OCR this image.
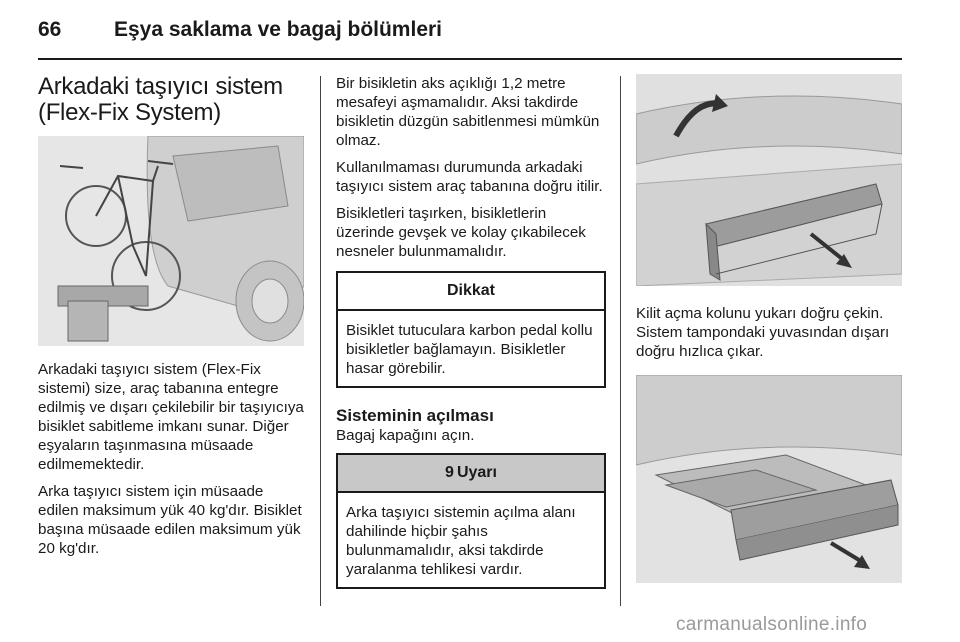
66	Eşya saklama ve bagaj bölümleri
Arkadaki taşıyıcı sistem
(Flex-Fix System)
Arkadaki taşıyıcı sistem (Flex-Fix sistemi) size, araç tabanına entegre edilmiş ve dışarı çekilebilir bir taşıyıcıya bisiklet sabitleme imkanı sunar. Diğer eşyaların taşınmasına müsaade edilmemektedir.
Arka taşıyıcı sistem için müsaade edilen maksimum yük 40 kg'dır. Bisiklet başına müsaade edilen maksimum yük 20 kg'dır.
Bir bisikletin aks açıklığı 1,2 metre mesafeyi aşmamalıdır. Aksi takdirde bisikletin düzgün sabitlenmesi mümkün olmaz.
Kullanılmaması durumunda arkadaki taşıyıcı sistem araç tabanına doğru itilir.
Bisikletleri taşırken, bisikletlerin üzerinde gevşek ve kolay çıkabilecek nesneler bulunmamalıdır.
Dikkat
Bisiklet tutuculara karbon pedal kollu bisikletler bağlamayın. Bisikletler hasar görebilir.
Sisteminin açılması
Bagaj kapağını açın.
9 Uyarı
Arka taşıyıcı sistemin açılma alanı dahilinde hiçbir şahıs bulunmamalıdır, aksi takdirde yaralanma tehlikesi vardır.
Kilit açma kolunu yukarı doğru çekin. Sistem tampondaki yuvasından dışarı doğru hızlıca çıkar.
carmanualsonline.info
